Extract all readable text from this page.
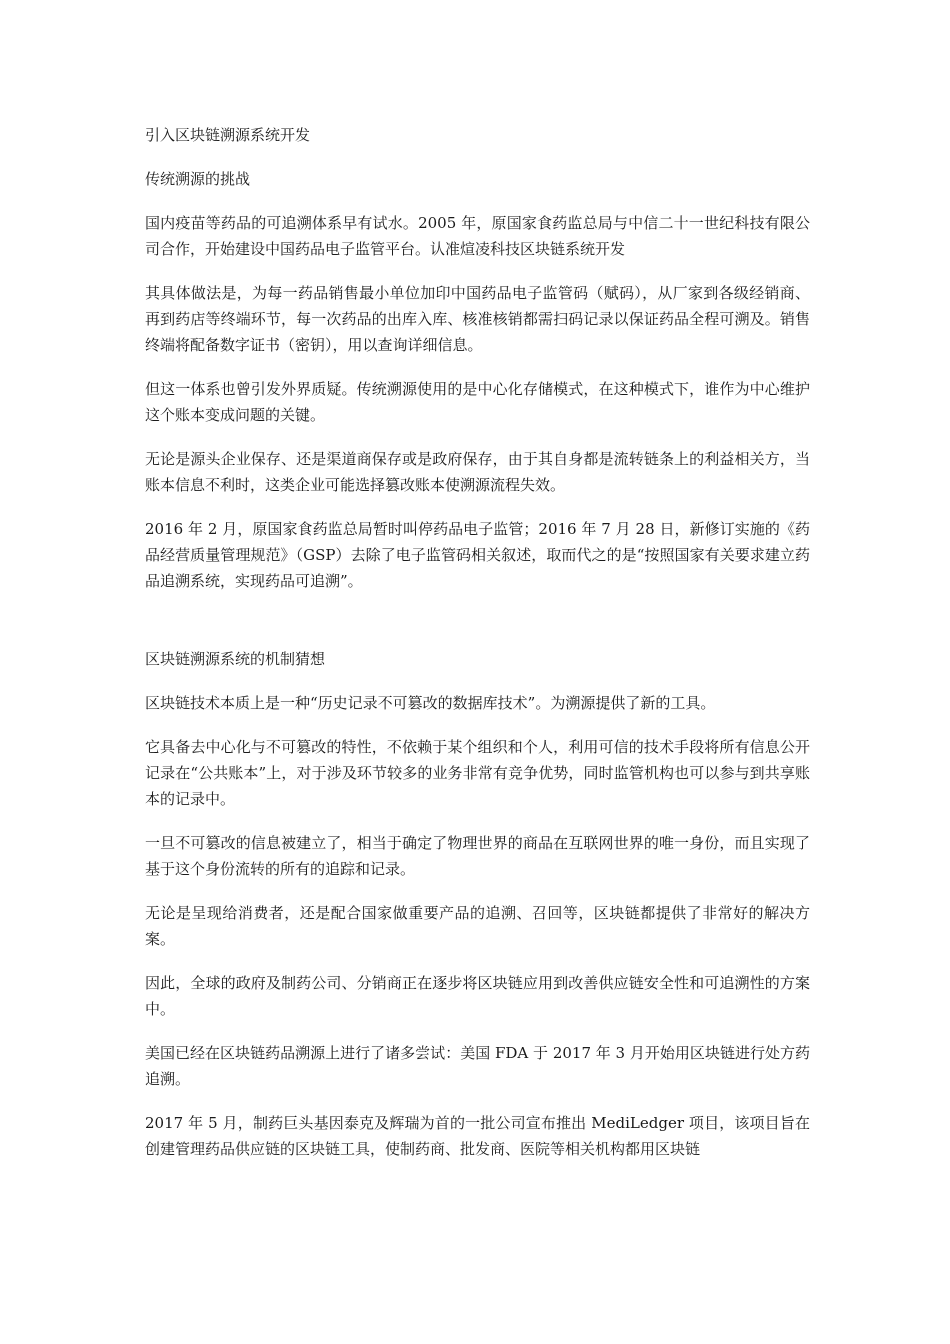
引入区块链溯源系统开发

传统溯源的挑战

国内疫苗等药品的可追溯体系早有试水。2005 年，原国家食药监总局与中信二十一世纪科技有限公司合作，开始建设中国药品电子监管平台。认准煊凌科技区块链系统开发

其具体做法是，为每一药品销售最小单位加印中国药品电子监管码（赋码），从厂家到各级经销商、再到药店等终端环节，每一次药品的出库入库、核准核销都需扫码记录以保证药品全程可溯及。销售终端将配备数字证书（密钥），用以查询详细信息。

但这一体系也曾引发外界质疑。传统溯源使用的是中心化存储模式，在这种模式下，谁作为中心维护这个账本变成问题的关键。

无论是源头企业保存、还是渠道商保存或是政府保存，由于其自身都是流转链条上的利益相关方，当账本信息不利时，这类企业可能选择篡改账本使溯源流程失效。

2016 年 2 月，原国家食药监总局暂时叫停药品电子监管；2016 年 7 月 28 日，新修订实施的《药品经营质量管理规范》（GSP）去除了电子监管码相关叙述，取而代之的是“按照国家有关要求建立药品追溯系统，实现药品可追溯”。

区块链溯源系统的机制猜想

区块链技术本质上是一种“历史记录不可篡改的数据库技术”。为溯源提供了新的工具。

它具备去中心化与不可篡改的特性，不依赖于某个组织和个人，利用可信的技术手段将所有信息公开记录在“公共账本”上，对于涉及环节较多的业务非常有竞争优势，同时监管机构也可以参与到共享账本的记录中。

一旦不可篡改的信息被建立了，相当于确定了物理世界的商品在互联网世界的唯一身份，而且实现了基于这个身份流转的所有的追踪和记录。

无论是呈现给消费者，还是配合国家做重要产品的追溯、召回等，区块链都提供了非常好的解决方案。

因此，全球的政府及制药公司、分销商正在逐步将区块链应用到改善供应链安全性和可追溯性的方案中。

美国已经在区块链药品溯源上进行了诸多尝试：美国 FDA 于 2017 年 3 月开始用区块链进行处方药追溯。

2017 年 5 月，制药巨头基因泰克及辉瑞为首的一批公司宣布推出 MediLedger 项目，该项目旨在创建管理药品供应链的区块链工具，使制药商、批发商、医院等相关机构都用区块链
